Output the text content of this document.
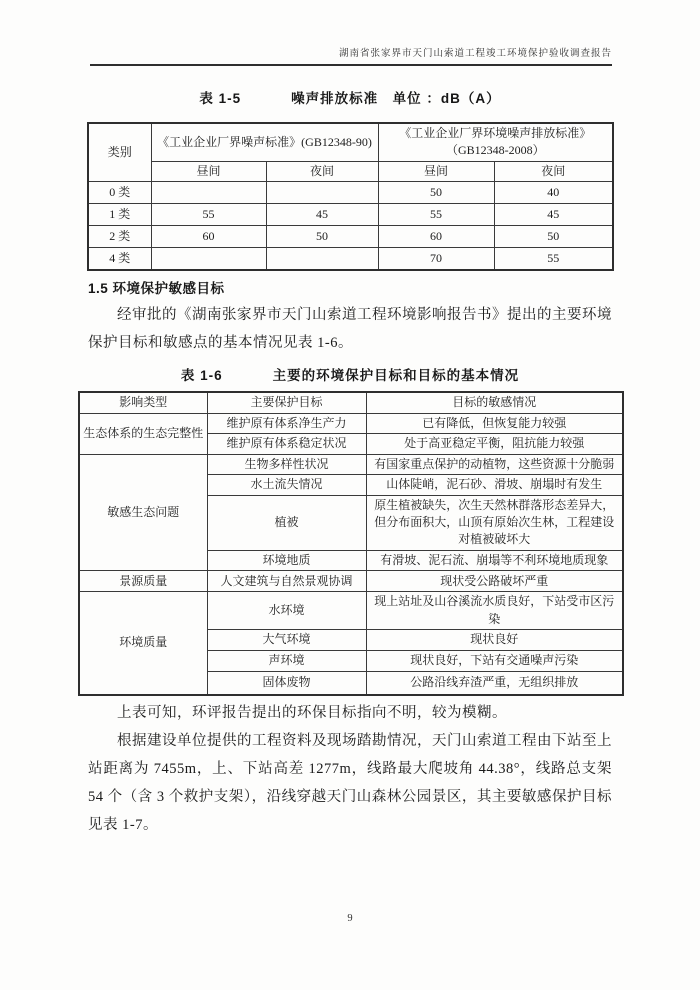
湖南省张家界市天门山索道工程竣工环境保护验收调查报告
表 1-5	噪声排放标准　单位 ：dB（A）
类别	《工业企业厂界噪声标准》(GB12348-90)		《工业企业厂界环境噪声排放标准》（GB12348-2008）	
	昼间	夜间	昼间	夜间
0 类			50	40
1 类	55	45	55	45
2 类	60	50	60	50
4 类			70	55
1.5 环境保护敏感目标

经审批的《湖南张家界市天门山索道工程环境影响报告书》提出的主要环境保护目标和敏感点的基本情况见表 1-6。

表 1-6	主要的环境保护目标和目标的基本情况
影响类型	主要保护目标	目标的敏感情况
生态体系的生态完整性	维护原有体系净生产力	已有降低，但恢复能力较强
	维护原有体系稳定状况	处于高亚稳定平衡，阻抗能力较强
敏感生态问题	生物多样性状况	有国家重点保护的动植物，这些资源十分脆弱
	水土流失情况	山体陡峭，泥石砂、滑坡、崩塌时有发生
	植被	原生植被缺失，次生天然林群落形态差异大，但分布面积大，山顶有原始次生林，工程建设对植被破坏大
	环境地质	有滑坡、泥石流、崩塌等不利环境地质现象
景源质量	人文建筑与自然景观协调	现状受公路破坏严重
环境质量	水环境	现上站址及山谷溪流水质良好，下站受市区污染
	大气环境	现状良好
	声环境	现状良好，下站有交通噪声污染
	固体废物	公路沿线弃渣严重，无组织排放

上表可知，环评报告提出的环保目标指向不明，较为模糊。

根据建设单位提供的工程资料及现场踏勘情况，天门山索道工程由下站至上站距离为 7455m，上、下站高差 1277m，线路最大爬坡角 44.38°，线路总支架 54 个（含 3 个救护支架），沿线穿越天门山森林公园景区，其主要敏感保护目标见表 1-7。

9
